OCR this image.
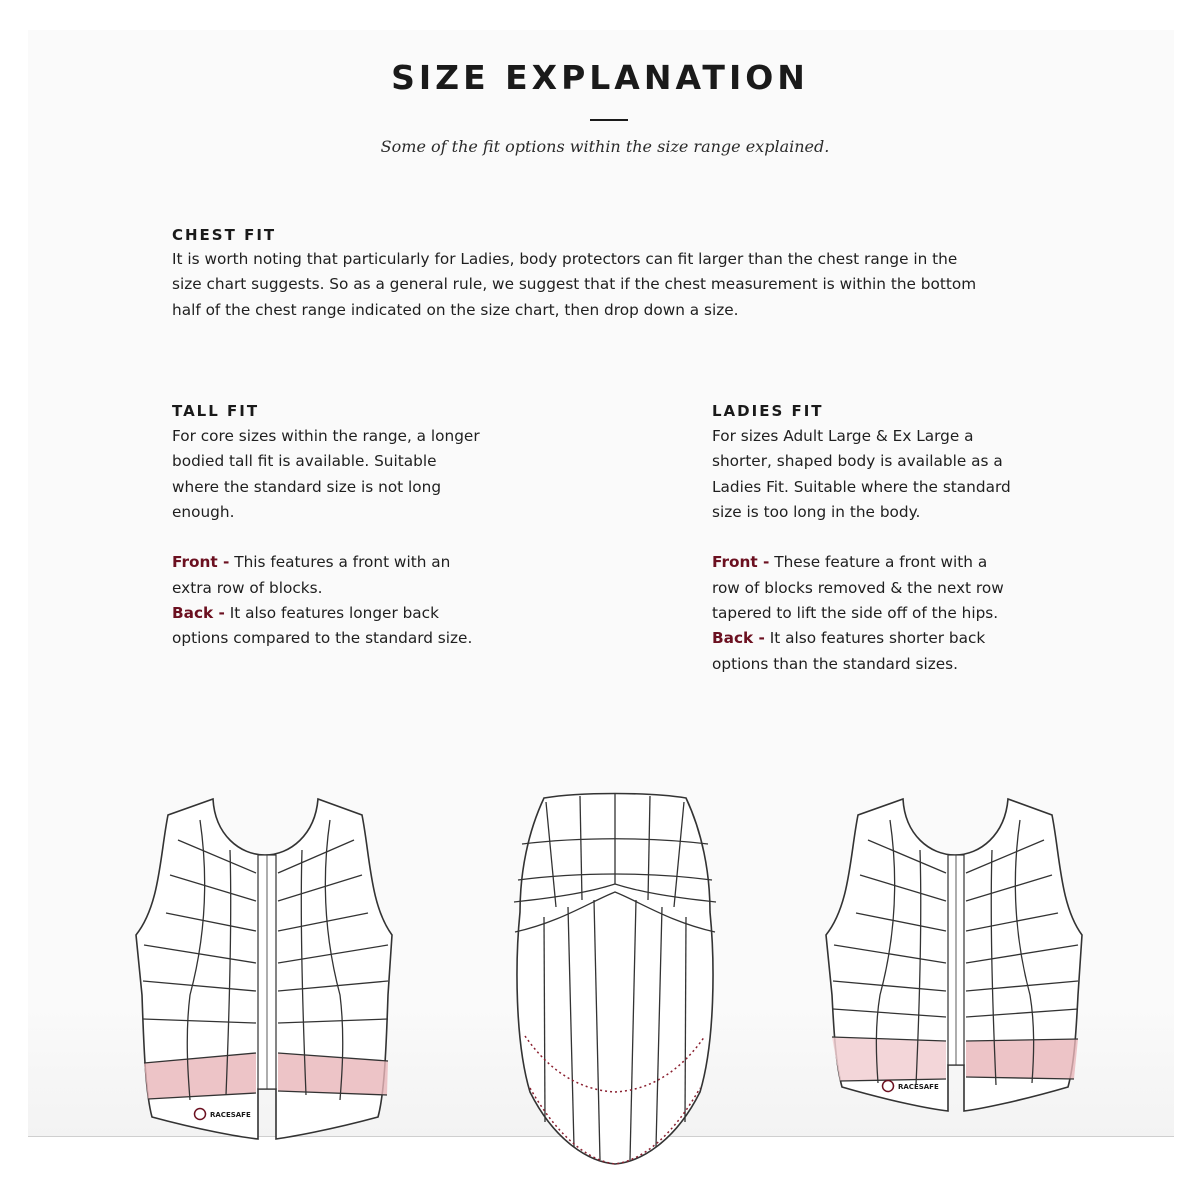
SIZE EXPLANATION
Some of the fit options within the size range explained.
CHEST FIT
It is worth noting that particularly for Ladies, body protectors can fit larger than the chest range in the
size chart suggests. So as a general rule, we suggest that if the chest measurement is within the bottom
half of the chest range indicated on the size chart, then drop down a size.
TALL FIT
For core sizes within the range, a longer
bodied tall fit is available. Suitable
where the standard size is not long
enough.
Front - This features a front with an
extra row of blocks.
Back - It also features longer back
options compared to the standard size.
LADIES FIT
For sizes Adult Large & Ex Large a
shorter, shaped body is available as a
Ladies Fit. Suitable where the standard
size is too long in the body.
Front - These feature a front with a
row of blocks removed & the next row
tapered to lift the side off of the hips.
Back - It also features shorter back
options than the standard sizes.
RACESAFE
RACESAFE
